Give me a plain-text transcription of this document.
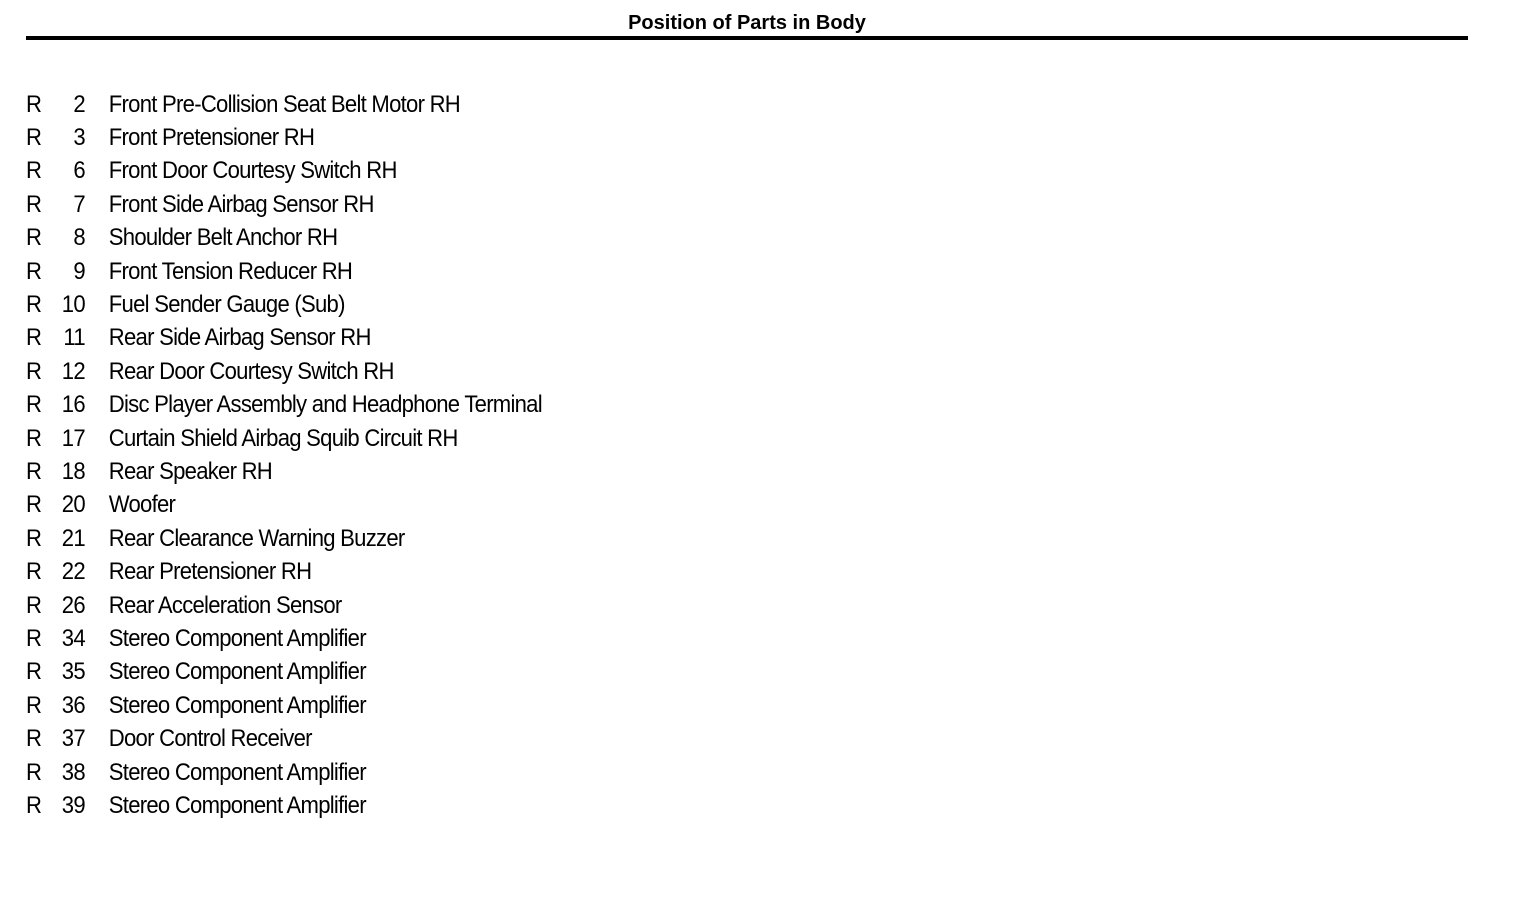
Position of Parts in Body
R	2 Front Pre-Collision Seat Belt Motor RH
R	3 Front Pretensioner RH
R	6 Front Door Courtesy Switch RH
R	7 Front Side Airbag Sensor RH
R	8 Shoulder Belt Anchor RH
R	9 Front Tension Reducer RH
R 10 Fuel Sender Gauge (Sub)
R 11 Rear Side Airbag Sensor RH
R 12 Rear Door Courtesy Switch RH
R 16 Disc Player Assembly and Headphone Terminal
R 17 Curtain Shield Airbag Squib Circuit RH
R 18 Rear Speaker RH
R 20 Woofer
R 21 Rear Clearance Warning Buzzer
R 22 Rear Pretensioner RH
R 26 Rear Acceleration Sensor
R 34 Stereo Component Amplifier
R 35 Stereo Component Amplifier
R 36 Stereo Component Amplifier
R 37 Door Control Receiver
R 38 Stereo Component Amplifier
R 39 Stereo Component Amplifier
